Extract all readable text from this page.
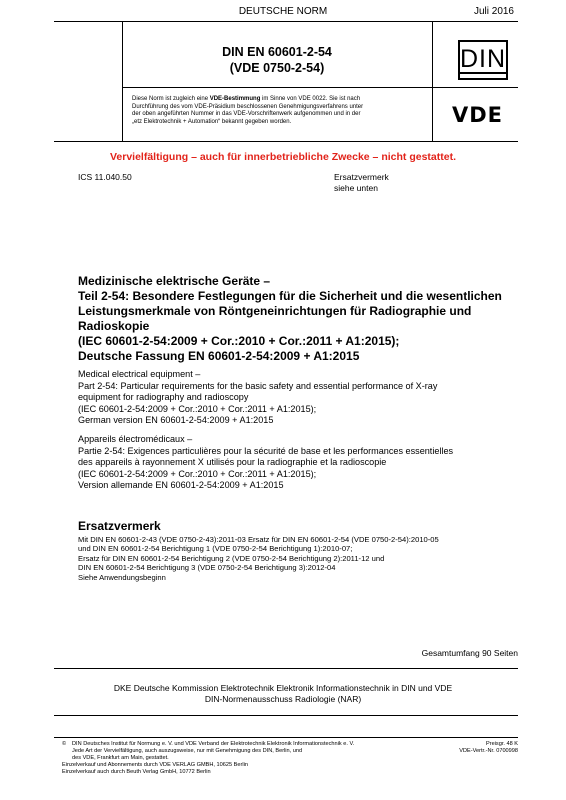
DEUTSCHE NORM	Juli 2016
DIN EN 60601-2-54
(VDE 0750-2-54)
Diese Norm ist zugleich eine VDE-Bestimmung im Sinne von VDE 0022. Sie ist nach
Durchführung des vom VDE-Präsidium beschlossenen Genehmigungsverfahrens unter
der oben angeführten Nummer in das VDE-Vorschriftenwerk aufgenommen und in der
„etz Elektrotechnik + Automation“ bekannt gegeben worden.
DIN
VDE
Vervielfältigung – auch für innerbetriebliche Zwecke – nicht gestattet.
ICS 11.040.50	Ersatzvermerk
siehe unten
Medizinische elektrische Geräte –
Teil 2-54: Besondere Festlegungen für die Sicherheit und die wesentlichen
Leistungsmerkmale von Röntgeneinrichtungen für Radiographie und
Radioskopie
(IEC 60601-2-54:2009 + Cor.:2010 + Cor.:2011 + A1:2015);
Deutsche Fassung EN 60601-2-54:2009 + A1:2015
Medical electrical equipment –
Part 2-54: Particular requirements for the basic safety and essential performance of X-ray
equipment for radiography and radioscopy
(IEC 60601-2-54:2009 + Cor.:2010 + Cor.:2011 + A1:2015);
German version EN 60601-2-54:2009 + A1:2015
Appareils électromédicaux –
Partie 2-54: Exigences particulières pour la sécurité de base et les performances essentielles
des appareils à rayonnement X utilisés pour la radiographie et la radioscopie
(IEC 60601-2-54:2009 + Cor.:2010 + Cor.:2011 + A1:2015);
Version allemande EN 60601-2-54:2009 + A1:2015
Ersatzvermerk
Mit DIN EN 60601-2-43 (VDE 0750-2-43):2011-03 Ersatz für DIN EN 60601-2-54 (VDE 0750-2-54):2010-05
und DIN EN 60601-2-54 Berichtigung 1 (VDE 0750-2-54 Berichtigung 1):2010-07;
Ersatz für DIN EN 60601-2-54 Berichtigung 2 (VDE 0750-2-54 Berichtigung 2):2011-12 und
DIN EN 60601-2-54 Berichtigung 3 (VDE 0750-2-54 Berichtigung 3):2012-04
Siehe Anwendungsbeginn
Gesamtumfang 90 Seiten
DKE Deutsche Kommission Elektrotechnik Elektronik Informationstechnik in DIN und VDE
DIN-Normenausschuss Radiologie (NAR)
© DIN Deutsches Institut für Normung e. V. und VDE Verband der Elektrotechnik Elektronik Informationstechnik e. V.
Jede Art der Vervielfältigung, auch auszugsweise, nur mit Genehmigung des DIN, Berlin, und
des VDE, Frankfurt am Main, gestattet.
Einzelverkauf und Abonnements durch VDE VERLAG GMBH, 10625 Berlin
Einzelverkauf auch durch Beuth Verlag GmbH, 10772 Berlin
Preisgr. 48 K
VDE-Vertr.-Nr. 0700998
